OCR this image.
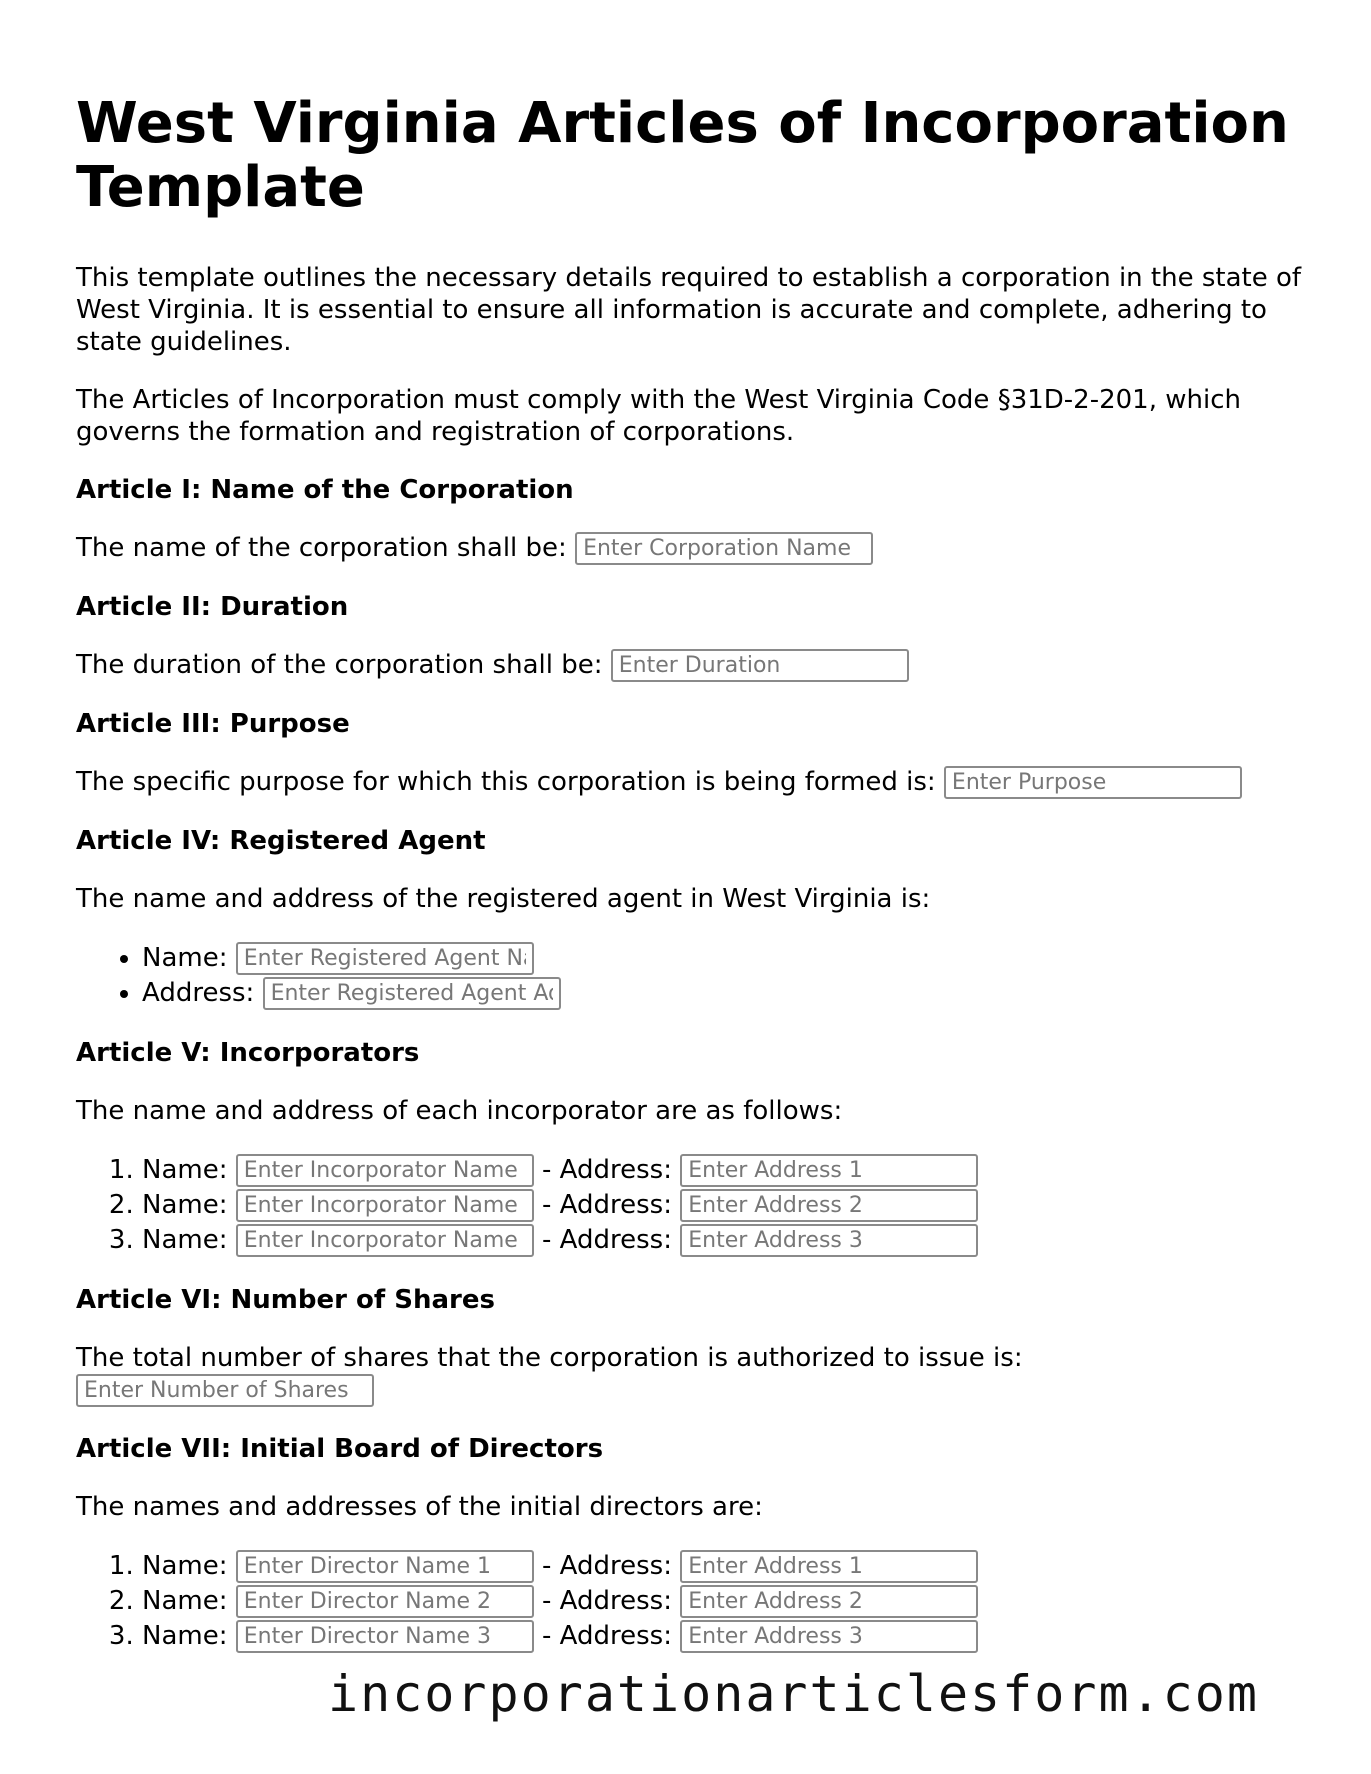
West Virginia Articles of Incorporation Template

This template outlines the necessary details required to establish a corporation in the state of West Virginia. It is essential to ensure all information is accurate and complete, adhering to state guidelines.

The Articles of Incorporation must comply with the West Virginia Code §31D-2-201, which governs the formation and registration of corporations.

Article I: Name of the Corporation

The name of the corporation shall be: Enter Corporation Name

Article II: Duration

The duration of the corporation shall be: Enter Duration

Article III: Purpose

The specific purpose for which this corporation is being formed is: Enter Purpose

Article IV: Registered Agent

The name and address of the registered agent in West Virginia is:

• Name: Enter Registered Agent Name
• Address: Enter Registered Agent Address
Article V: Incorporators

The name and address of each incorporator are as follows:

1. Name: Enter Incorporator Name 1	- Address: Enter Address 1
2. Name: Enter Incorporator Name 2	- Address: Enter Address 2
3. Name: Enter Incorporator Name 3	- Address: Enter Address 3
Article VI: Number of Shares

The total number of shares that the corporation is authorized to issue is:
Enter Number of Shares

Article VII: Initial Board of Directors

The names and addresses of the initial directors are:

1. Name: Enter Director Name 1	- Address: Enter Address 1
2. Name: Enter Director Name 2	- Address: Enter Address 2
3. Name: Enter Director Name 3	- Address: Enter Address 3
incorporationarticlesform.com
